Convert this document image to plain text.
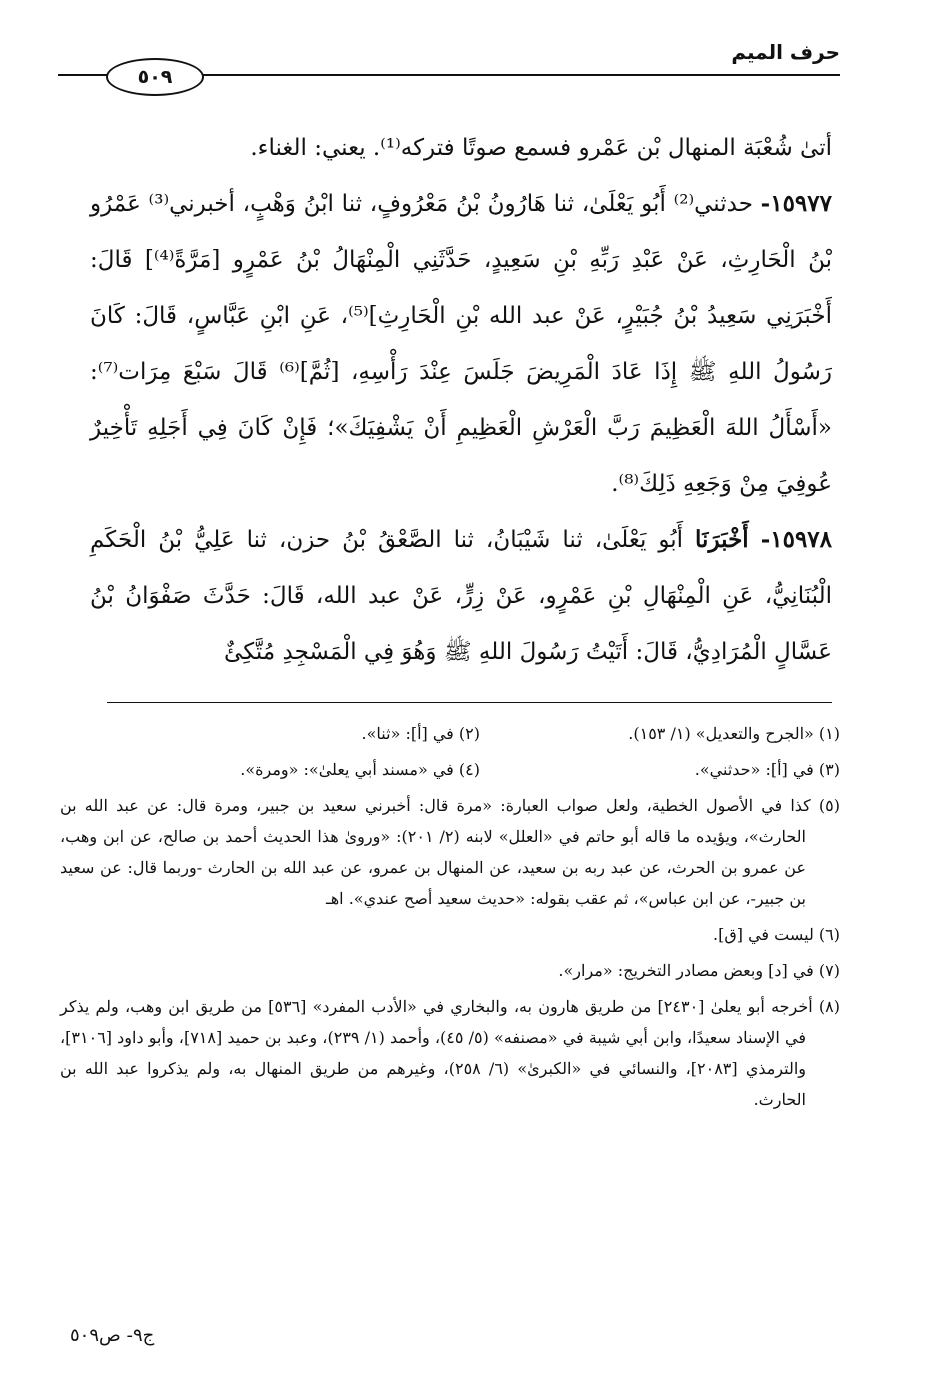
حرف الميم
٥٠٩

أتىٰ شُعْبَة المنهال بْن عَمْرو فسمع صوتًا فتركه⁽¹⁾. يعني: الغناء.

١٥٩٧٧- حدثني⁽²⁾ أَبُو يَعْلَىٰ، ثنا هَارُونُ بْنُ مَعْرُوفٍ، ثنا ابْنُ وَهْبٍ، أخبرني⁽³⁾ عَمْرُو بْنُ الْحَارِثِ، عَنْ عَبْدِ رَبِّهِ بْنِ سَعِيدٍ، حَدَّثَنِي الْمِنْهَالُ بْنُ عَمْرٍو [مَرَّةً⁽⁴⁾] قَالَ: أَخْبَرَنِي سَعِيدُ بْنُ جُبَيْرٍ، عَنْ عبد الله بْنِ الْحَارِثِ]⁽⁵⁾، عَنِ ابْنِ عَبَّاسٍ، قَالَ: كَانَ رَسُولُ اللهِ ﷺ إِذَا عَادَ الْمَرِيضَ جَلَسَ عِنْدَ رَأْسِهِ، [ثُمَّ]⁽⁶⁾ قَالَ سَبْعَ مِرَات⁽⁷⁾: «أَسْأَلُ اللهَ الْعَظِيمَ رَبَّ الْعَرْشِ الْعَظِيمِ أَنْ يَشْفِيَكَ»؛ فَإِنْ كَانَ فِي أَجَلِهِ تَأْخِيرٌ عُوفِيَ مِنْ وَجَعِهِ ذَلِكَ⁽⁸⁾.

١٥٩٧٨- أَخْبَرَنَا أَبُو يَعْلَىٰ، ثنا شَيْبَانُ، ثنا الصَّعْقُ بْنُ حزن، ثنا عَلِيُّ بْنُ الْحَكَمِ الْبُنَانِيُّ، عَنِ الْمِنْهَالِ بْنِ عَمْرٍو، عَنْ زِرٍّ، عَنْ عبد الله، قَالَ: حَدَّثَ صَفْوَانُ بْنُ عَسَّالٍ الْمُرَادِيُّ، قَالَ: أَتَيْتُ رَسُولَ اللهِ ﷺ وَهُوَ فِي الْمَسْجِدِ مُتَّكِئٌ

(١) «الجرح والتعديل» (١/ ١٥٣).
(٢) في [أ]: «ثنا».
(٣) في [أ]: «حدثني».
(٤) في «مسند أبي يعلىٰ»: «ومرة».
(٥) كذا في الأصول الخطية، ولعل صواب العبارة: «مرة قال: أخبرني سعيد بن جبير، ومرة قال: عن عبد الله بن الحارث»، ويؤيده ما قاله أبو حاتم في «العلل» لابنه (٢/ ٢٠١): «وروىٰ هذا الحديث أحمد بن صالح، عن ابن وهب، عن عمرو بن الحرث، عن عبد ربه بن سعيد، عن المنهال بن عمرو، عن عبد الله بن الحارث -وربما قال: عن سعيد بن جبير-، عن ابن عباس»، ثم عقب بقوله: «حديث سعيد أصح عندي». اهـ
(٦) ليست في [ق].
(٧) في [د] وبعض مصادر التخريج: «مرار».
(٨) أخرجه أبو يعلىٰ [٢٤٣٠] من طريق هارون به، والبخاري في «الأدب المفرد» [٥٣٦] من طريق ابن وهب، ولم يذكر في الإسناد سعيدًا، وابن أبي شيبة في «مصنفه» (٥/ ٤٥)، وأحمد (١/ ٢٣٩)، وعبد بن حميد [٧١٨]، وأبو داود [٣١٠٦]، والترمذي [٢٠٨٣]، والنسائي في «الكبرىٰ» (٦/ ٢٥٨)، وغيرهم من طريق المنهال به، ولم يذكروا عبد الله بن الحارث.
ج٩- ص٥٠٩
